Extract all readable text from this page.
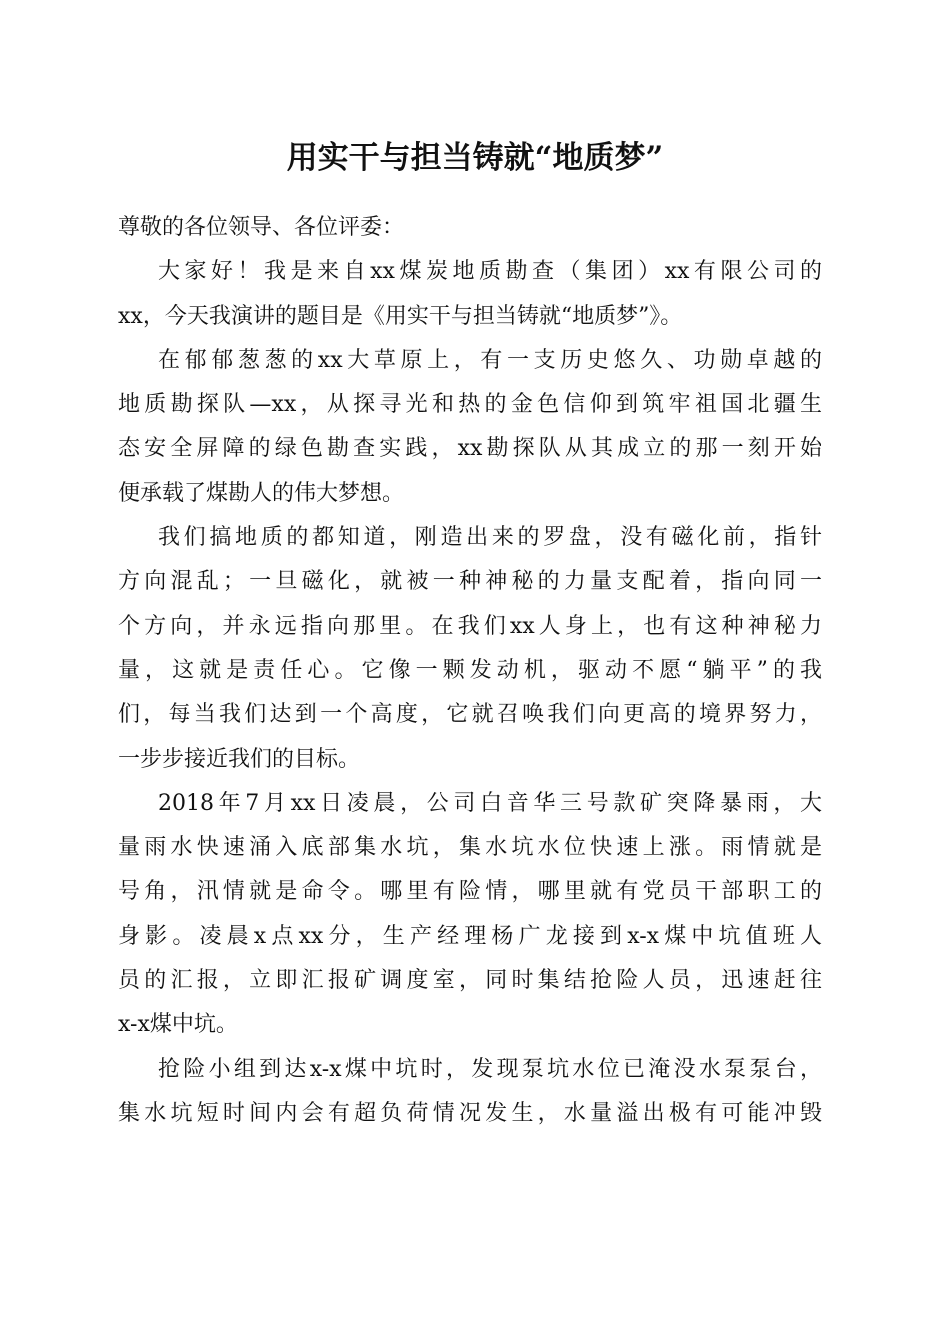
用实干与担当铸就“地质梦”
尊敬的各位领导、各位评委：
大家好！我是来自xx煤炭地质勘查（集团）xx有限公司的
xx，今天我演讲的题目是《用实干与担当铸就“地质梦”》。
在郁郁葱葱的xx大草原上，有一支历史悠久、功勋卓越的
地质勘探队—xx，从探寻光和热的金色信仰到筑牢祖国北疆生
态安全屏障的绿色勘查实践，xx勘探队从其成立的那一刻开始
便承载了煤勘人的伟大梦想。
我们搞地质的都知道，刚造出来的罗盘，没有磁化前，指针
方向混乱；一旦磁化，就被一种神秘的力量支配着，指向同一
个方向，并永远指向那里。在我们xx人身上，也有这种神秘力
量，这就是责任心。它像一颗发动机，驱动不愿“躺平”的我
们，每当我们达到一个高度，它就召唤我们向更高的境界努力，
一步步接近我们的目标。
2018年7月xx日凌晨，公司白音华三号款矿突降暴雨，大
量雨水快速涌入底部集水坑，集水坑水位快速上涨。雨情就是
号角，汛情就是命令。哪里有险情，哪里就有党员干部职工的
身影。凌晨x点xx分，生产经理杨广龙接到x-x煤中坑值班人
员的汇报，立即汇报矿调度室，同时集结抢险人员，迅速赶往
x-x煤中坑。
抢险小组到达x-x煤中坑时，发现泵坑水位已淹没水泵泵台，
集水坑短时间内会有超负荷情况发生，水量溢出极有可能冲毁
